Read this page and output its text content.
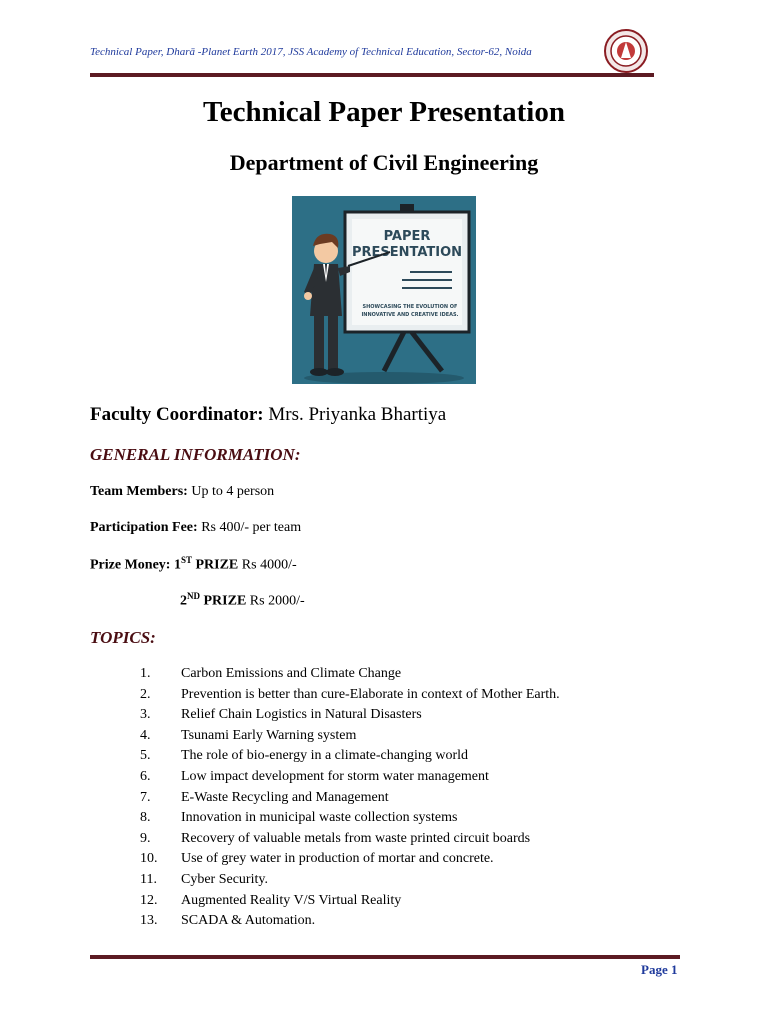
Technical Paper, Dharā -Planet Earth 2017, JSS Academy of Technical Education, Sector-62, Noida
Technical Paper Presentation
Department of Civil Engineering
PAPER
PRESENTATION
SHOWCASING THE EVOLUTION OF
INNOVATIVE AND CREATIVE IDEAS.
Faculty Coordinator: Mrs. Priyanka Bhartiya
GENERAL INFORMATION:
Team Members: Up to 4 person
Participation Fee: Rs 400/- per team
Prize Money: 1ST PRIZE Rs 4000/-
2ND PRIZE Rs 2000/-
TOPICS:
1.	Carbon Emissions and Climate Change
2.	Prevention is better than cure-Elaborate in context of Mother Earth.
3.	Relief Chain Logistics in Natural Disasters
4.	Tsunami Early Warning system
5.	The role of bio-energy in a climate-changing world
6.	Low impact development for storm water management
7.	E-Waste Recycling and Management
8.	Innovation in municipal waste collection systems
9.	Recovery of valuable metals from waste printed circuit boards
10.	Use of grey water in production of mortar and concrete.
11.	Cyber Security.
12.	Augmented Reality V/S Virtual Reality
13.	SCADA & Automation.
Page 1
